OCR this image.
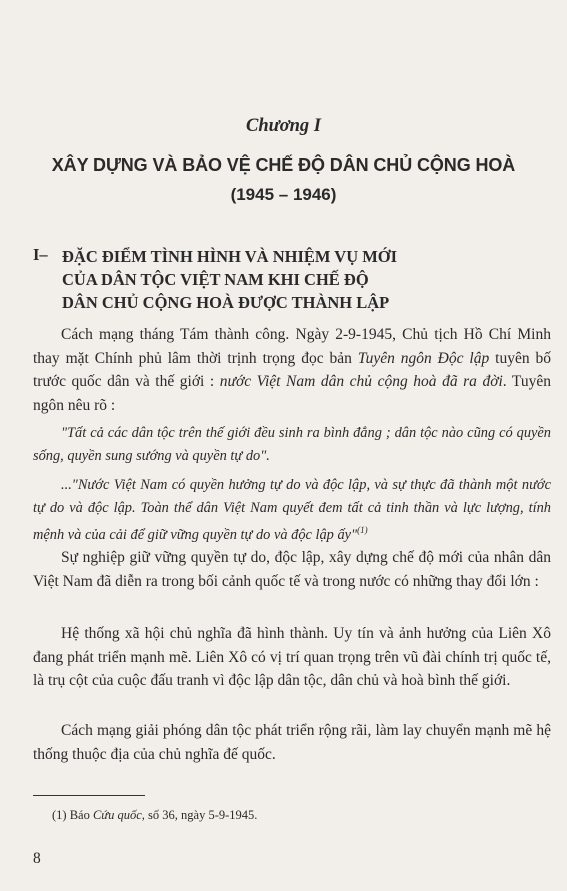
Chương I
XÂY DỰNG VÀ BẢO VỆ CHẾ ĐỘ DÂN CHỦ CỘNG HOÀ
(1945 – 1946)
I– ĐẶC ĐIỂM TÌNH HÌNH VÀ NHIỆM VỤ MỚI
CỦA DÂN TỘC VIỆT NAM KHI CHẾ ĐỘ
DÂN CHỦ CỘNG HOÀ ĐƯỢC THÀNH LẬP
Cách mạng tháng Tám thành công. Ngày 2-9-1945, Chủ tịch Hồ Chí Minh thay mặt Chính phủ lâm thời trịnh trọng đọc bản Tuyên ngôn Độc lập tuyên bố trước quốc dân và thế giới : nước Việt Nam dân chủ cộng hoà đã ra đời. Tuyên ngôn nêu rõ :
"Tất cả các dân tộc trên thế giới đều sinh ra bình đẳng ; dân tộc nào cũng có quyền sống, quyền sung sướng và quyền tự do".
..."Nước Việt Nam có quyền hưởng tự do và độc lập, và sự thực đã thành một nước tự do và độc lập. Toàn thể dân Việt Nam quyết đem tất cả tinh thần và lực lượng, tính mệnh và của cải để giữ vững quyền tự do và độc lập ấy"$^{(1)}$
Sự nghiệp giữ vững quyền tự do, độc lập, xây dựng chế độ mới của nhân dân Việt Nam đã diễn ra trong bối cảnh quốc tế và trong nước có những thay đổi lớn :
Hệ thống xã hội chủ nghĩa đã hình thành. Uy tín và ảnh hưởng của Liên Xô đang phát triển mạnh mẽ. Liên Xô có vị trí quan trọng trên vũ đài chính trị quốc tế, là trụ cột của cuộc đấu tranh vì độc lập dân tộc, dân chủ và hoà bình thế giới.
Cách mạng giải phóng dân tộc phát triển rộng rãi, làm lay chuyển mạnh mẽ hệ thống thuộc địa của chủ nghĩa đế quốc.
(1) Báo Cứu quốc, số 36, ngày 5-9-1945.
8
